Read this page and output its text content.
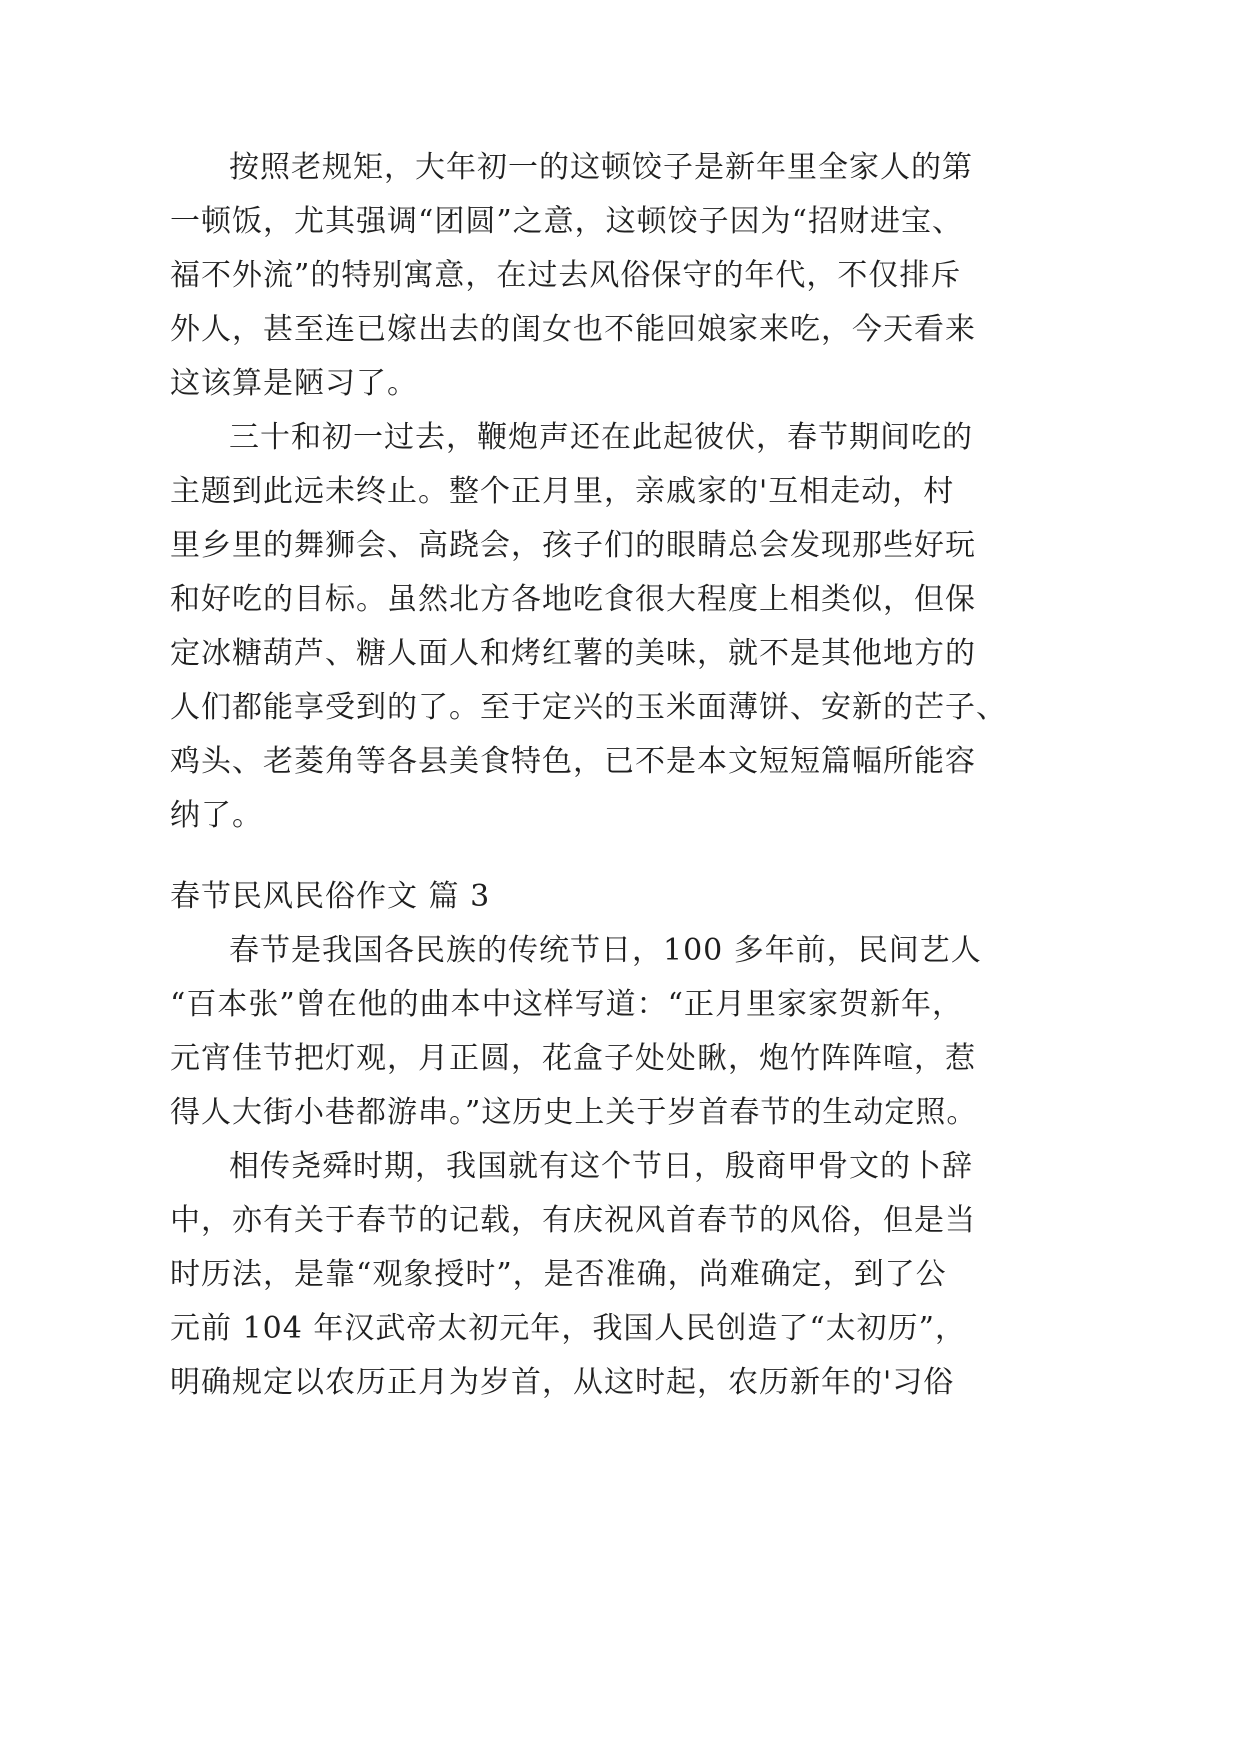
按照老规矩，大年初一的这顿饺子是新年里全家人的第
一顿饭，尤其强调“团圆”之意，这顿饺子因为“招财进宝、
福不外流”的特别寓意，在过去风俗保守的年代，不仅排斥
外人，甚至连已嫁出去的闺女也不能回娘家来吃，今天看来
这该算是陋习了。
三十和初一过去，鞭炮声还在此起彼伏，春节期间吃的
主题到此远未终止。整个正月里，亲戚家的'互相走动，村
里乡里的舞狮会、高跷会，孩子们的眼睛总会发现那些好玩
和好吃的目标。虽然北方各地吃食很大程度上相类似，但保
定冰糖葫芦、糖人面人和烤红薯的美味，就不是其他地方的
人们都能享受到的了。至于定兴的玉米面薄饼、安新的芒子、
鸡头、老菱角等各县美食特色，已不是本文短短篇幅所能容
纳了。
春节民风民俗作文 篇 3
春节是我国各民族的传统节日，100 多年前，民间艺人
“百本张”曾在他的曲本中这样写道：“正月里家家贺新年，
元宵佳节把灯观，月正圆，花盒子处处瞅，炮竹阵阵喧，惹
得人大街小巷都游串。”这历史上关于岁首春节的生动定照。
相传尧舜时期，我国就有这个节日，殷商甲骨文的卜辞
中，亦有关于春节的记载，有庆祝风首春节的风俗，但是当
时历法，是靠“观象授时”，是否准确，尚难确定，到了公
元前 104 年汉武帝太初元年，我国人民创造了“太初历”，
明确规定以农历正月为岁首，从这时起，农历新年的'习俗
